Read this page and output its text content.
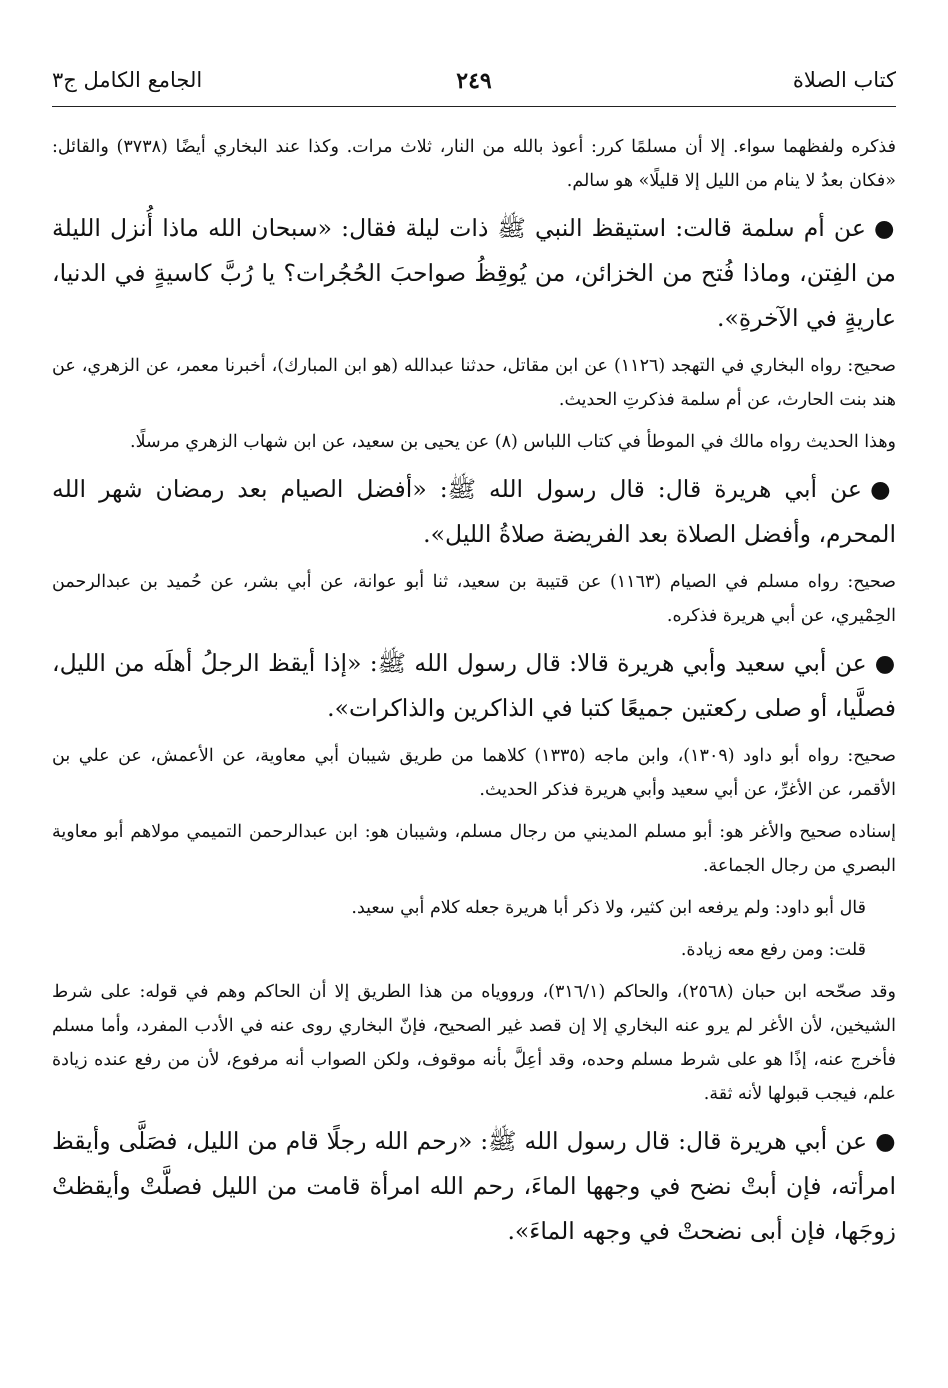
كتاب الصلاة
٢٤٩
الجامع الكامل ج٣

فذكره ولفظهما سواء. إلا أن مسلمًا كرر: أعوذ بالله من النار، ثلاث مرات. وكذا عند البخاري أيضًا (٣٧٣٨) والقائل: «فكان بعدُ لا ينام من الليل إلا قليلًا» هو سالم.

●عن أم سلمة قالت: استيقظ النبي ﷺ ذات ليلة فقال: «سبحان الله ماذا أُنزل الليلة من الفِتن، وماذا فُتح من الخزائن، من يُوقِظُ صواحبَ الحُجُرات؟ يا رُبَّ كاسيةٍ في الدنيا، عاريةٍ في الآخرةِ».

صحيح: رواه البخاري في التهجد (١١٢٦) عن ابن مقاتل، حدثنا عبدالله (هو ابن المبارك)، أخبرنا معمر، عن الزهري، عن هند بنت الحارث، عن أم سلمة فذكرتِ الحديث.

وهذا الحديث رواه مالك في الموطأ في كتاب اللباس (٨) عن يحيى بن سعيد، عن ابن شهاب الزهري مرسلًا.

●عن أبي هريرة قال: قال رسول الله ﷺ: «أفضل الصيام بعد رمضان شهر الله المحرم، وأفضل الصلاة بعد الفريضة صلاةُ الليل».

صحيح: رواه مسلم في الصيام (١١٦٣) عن قتيبة بن سعيد، ثنا أبو عوانة، عن أبي بشر، عن حُميد بن عبدالرحمن الحِمْيري، عن أبي هريرة فذكره.

●عن أبي سعيد وأبي هريرة قالا: قال رسول الله ﷺ: «إذا أيقظ الرجلُ أهلَه من الليل، فصلَّيا، أو صلى ركعتين جميعًا كتبا في الذاكرين والذاكرات».

صحيح: رواه أبو داود (١٣٠٩)، وابن ماجه (١٣٣٥) كلاهما من طريق شيبان أبي معاوية، عن الأعمش، عن علي بن الأقمر، عن الأغرِّ، عن أبي سعيد وأبي هريرة فذكر الحديث.

إسناده صحيح والأغر هو: أبو مسلم المديني من رجال مسلم، وشيبان هو: ابن عبدالرحمن التميمي مولاهم أبو معاوية البصري من رجال الجماعة.

قال أبو داود: ولم يرفعه ابن كثير، ولا ذكر أبا هريرة جعله كلام أبي سعيد.

قلت: ومن رفع معه زيادة.

وقد صحّحه ابن حبان (٢٥٦٨)، والحاكم (٣١٦/١)، ورووياه من هذا الطريق إلا أن الحاكم وهم في قوله: على شرط الشيخين، لأن الأغر لم يرو عنه البخاري إلا إن قصد غير الصحيح، فإنّ البخاري روى عنه في الأدب المفرد، وأما مسلم فأخرج عنه، إذًا هو على شرط مسلم وحده، وقد أعِلَّ بأنه موقوف، ولكن الصواب أنه مرفوع، لأن من رفع عنده زيادة علم، فيجب قبولها لأنه ثقة.

●عن أبي هريرة قال: قال رسول الله ﷺ: «رحم الله رجلًا قام من الليل، فصَلَّى وأيقظ امرأته، فإن أبتْ نضح في وجهها الماءَ، رحم الله امرأة قامت من الليل فصلَّتْ وأيقظتْ زوجَها، فإن أبى نضحتْ في وجهه الماءَ».
